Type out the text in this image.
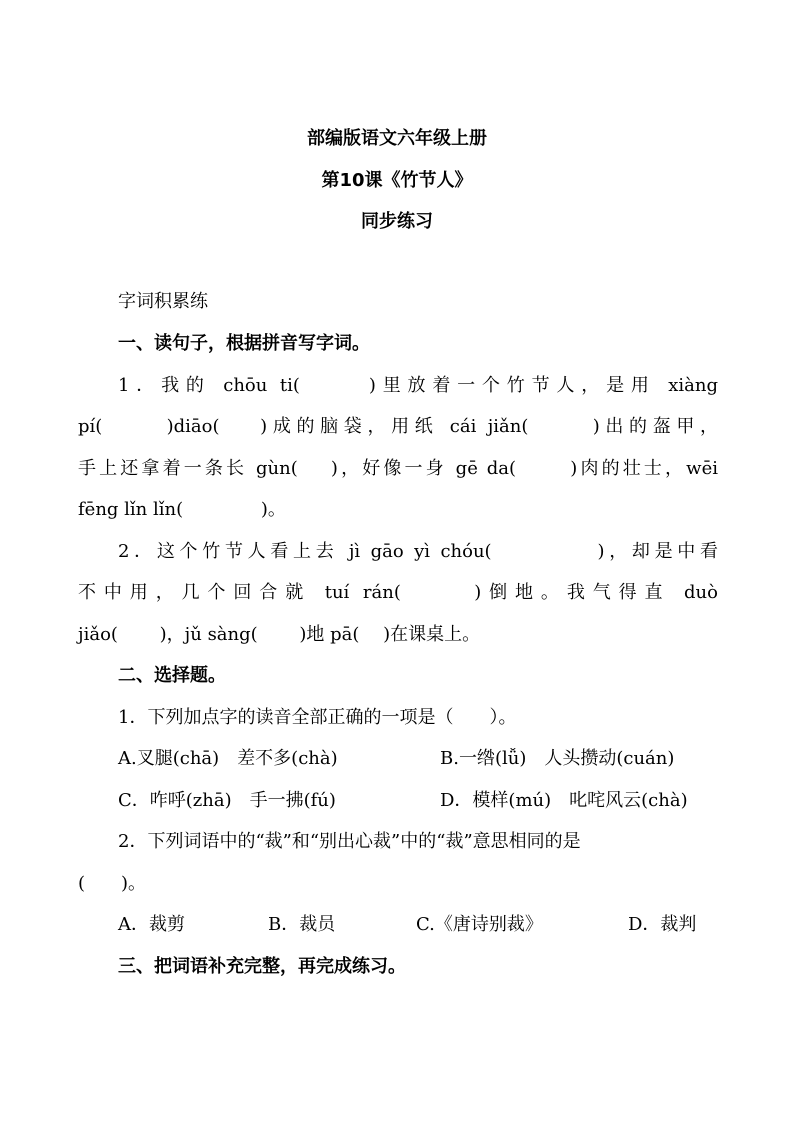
部编版语文六年级上册
第10课《竹节人》
同步练习
字词积累练
一、读句子，根据拼音写字词。
1．我的 chōu ti(　　 )里放着一个竹节人，是用 xiàng
pí(　　 )diāo(　 )成的脑袋，用纸 cái jiǎn(　　 )出的盔甲，
手上还拿着一条长 gùn(　 )，好像一身 gē da(　　 )肉的壮士，wēi
fēng lǐn lǐn(　　　　 )。
2．这个竹节人看上去 jì gāo yì chóu(　　　　 )，却是中看
不中用，几个回合就 tuí rán(　　 )倒地。我气得直 duò
jiǎo(　　 )，jǔ sàng(　　 )地 pā(　 )在课桌上。
二、选择题。
1．下列加点字的读音全部正确的一项是（　　）。
A.叉腿(chā)　差不多(chà)	B.一绺(lǚ)　人头攒动(cuán)
C．咋呼(zhā)　手一拂(fú)	D．模样(mú)　叱咤风云(chà)
2．下列词语中的“裁”和“别出心裁”中的“裁”意思相同的是
(　　)。
A．裁剪	B．裁员	C.《唐诗别裁》	D．裁判
三、把词语补充完整，再完成练习。
